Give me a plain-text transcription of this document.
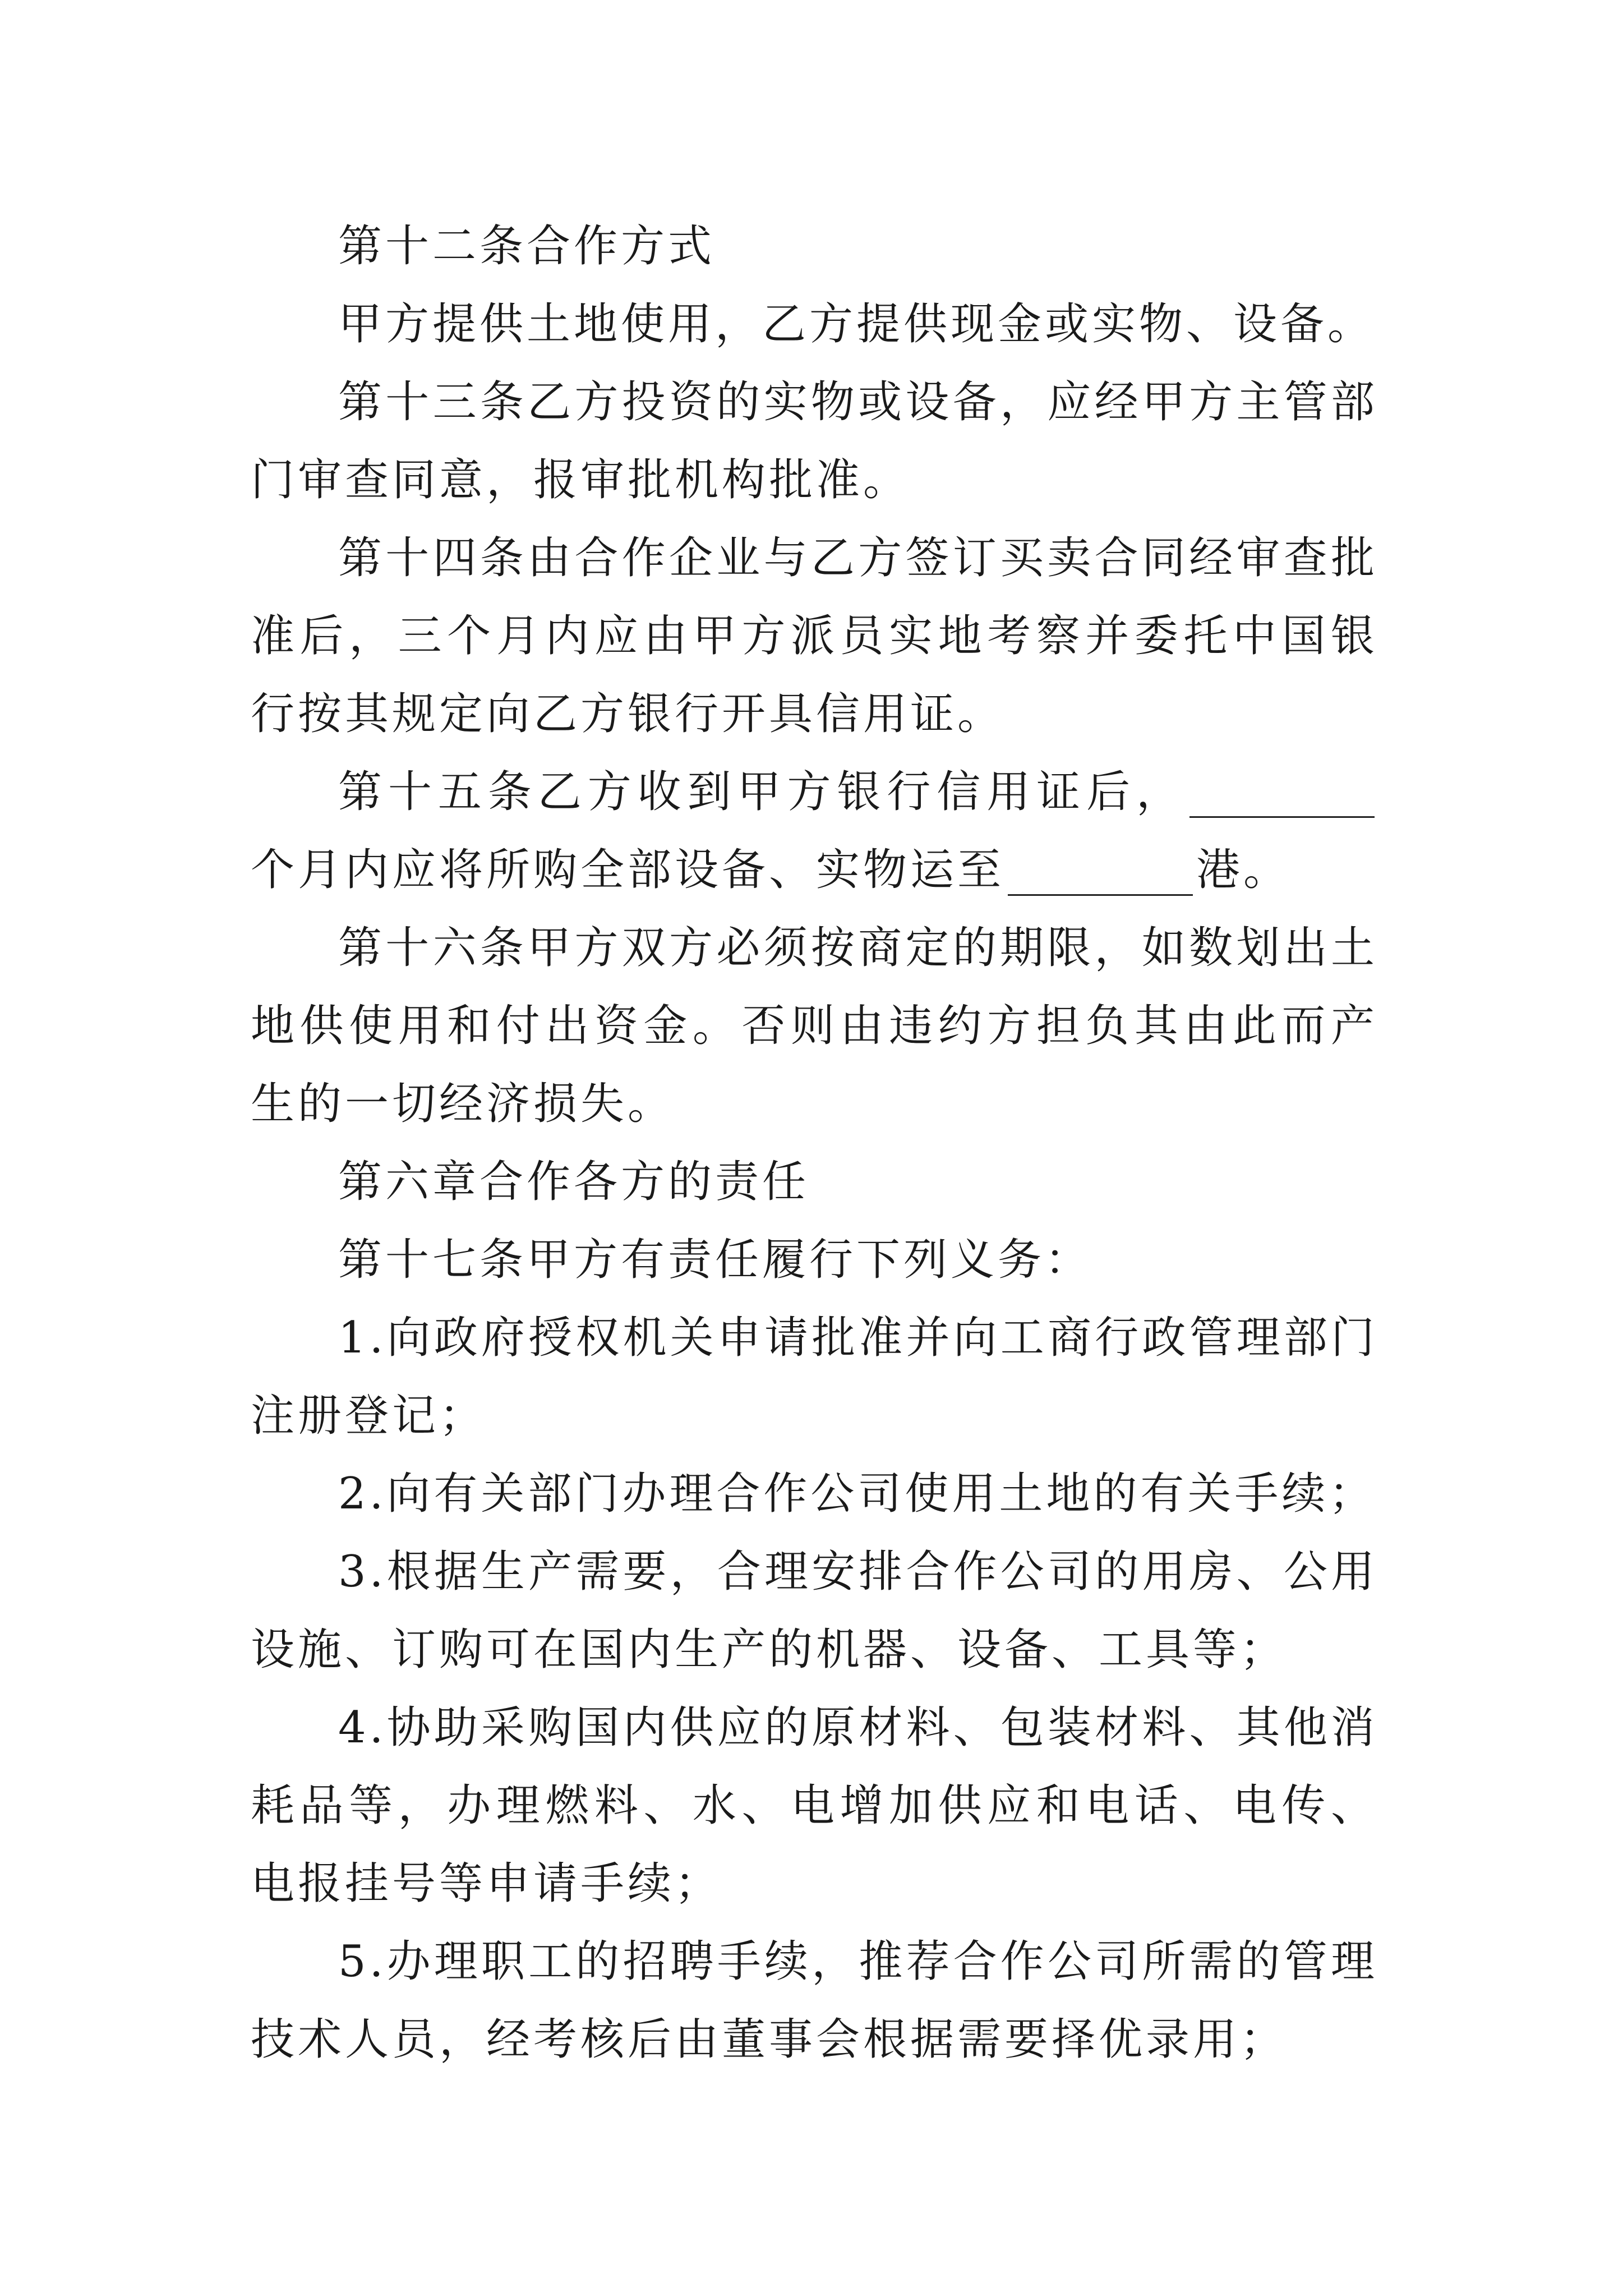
第十二条合作方式

甲方提供土地使用，乙方提供现金或实物、设备。

第十三条乙方投资的实物或设备，应经甲方主管部门审查同意，报审批机构批准。

第十四条由合作企业与乙方签订买卖合同经审查批准后，三个月内应由甲方派员实地考察并委托中国银行按其规定向乙方银行开具信用证。

第十五条乙方收到甲方银行信用证后，个月内应将所购全部设备、实物运至	港。

第十六条甲方双方必须按商定的期限，如数划出土地供使用和付出资金。否则由违约方担负其由此而产生的一切经济损失。

第六章合作各方的责任

第十七条甲方有责任履行下列义务：

1.向政府授权机关申请批准并向工商行政管理部门注册登记；

2.向有关部门办理合作公司使用土地的有关手续；

3.根据生产需要，合理安排合作公司的用房、公用设施、订购可在国内生产的机器、设备、工具等；

4.协助采购国内供应的原材料、包装材料、其他消耗品等，办理燃料、水、电增加供应和电话、电传、电报挂号等申请手续；

5.办理职工的招聘手续，推荐合作公司所需的管理技术人员，经考核后由董事会根据需要择优录用；
